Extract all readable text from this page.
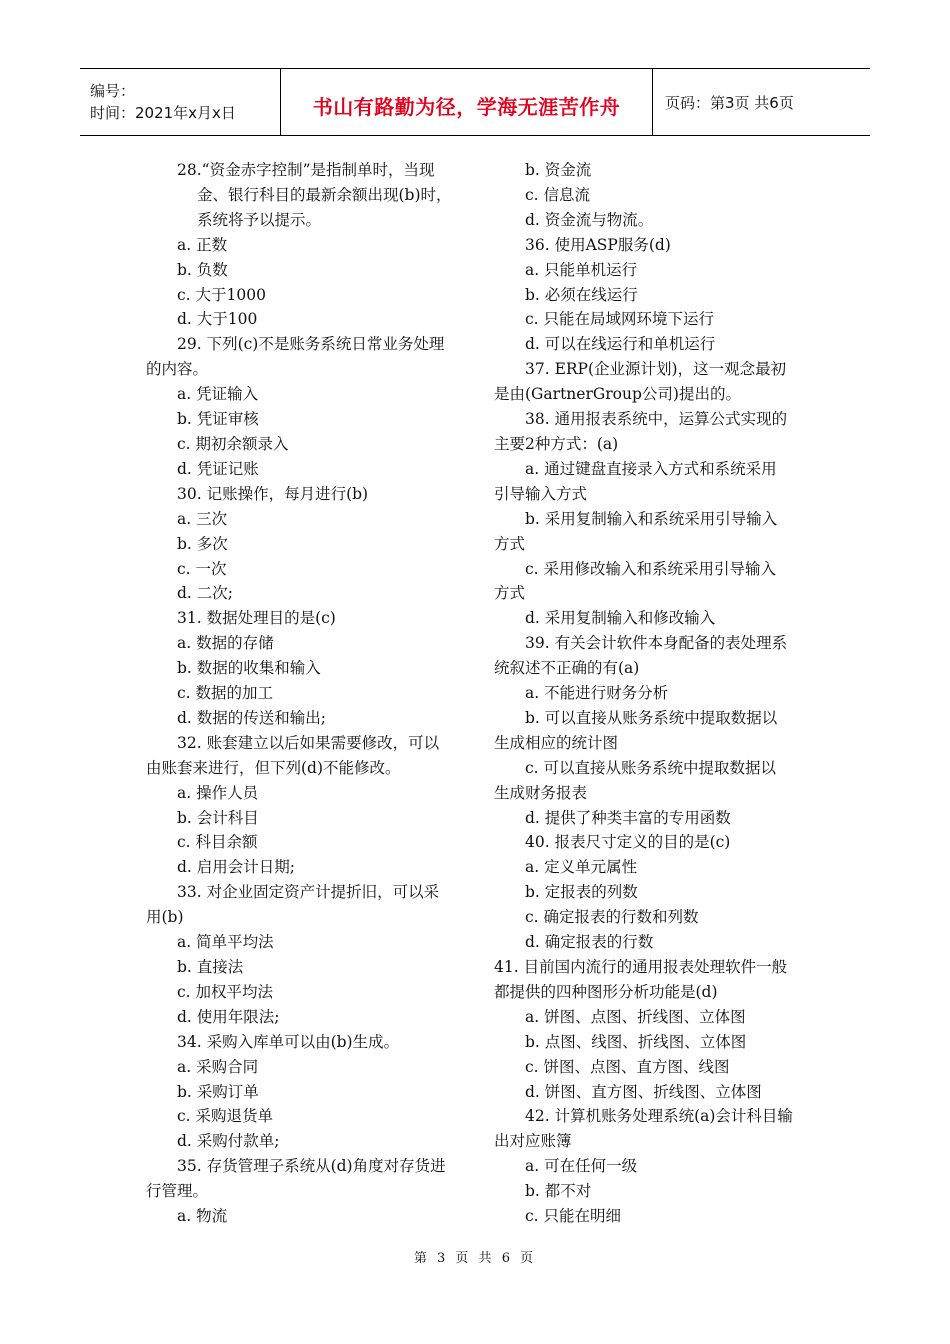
编号：
时间：2021年x月x日	书山有路勤为径，学海无涯苦作舟	页码：第3页 共6页

28.“资金赤字控制”是指制单时，当现金、银行科目的最新余额出现(b)时，系统将予以提示。

a. 正数

b. 负数

c. 大于1000

d. 大于100

29. 下列(c)不是账务系统日常业务处理

的内容。

a. 凭证输入

b. 凭证审核

c. 期初余额录入

d. 凭证记账

30. 记账操作，每月进行(b)

a. 三次

b. 多次

c. 一次

d. 二次;

31. 数据处理目的是(c)

a. 数据的存储

b. 数据的收集和输入

c. 数据的加工

d. 数据的传送和输出;

32. 账套建立以后如果需要修改，可以

由账套来进行，但下列(d)不能修改。

a. 操作人员

b. 会计科目

c. 科目余额

d. 启用会计日期;

33. 对企业固定资产计提折旧，可以采

用(b)

a. 简单平均法

b. 直接法

c. 加权平均法

d. 使用年限法;

34. 采购入库单可以由(b)生成。

a. 采购合同

b. 采购订单

c. 采购退货单

d. 采购付款单;

35. 存货管理子系统从(d)角度对存货进

行管理。

a. 物流

b. 资金流

c. 信息流

d. 资金流与物流。

36. 使用ASP服务(d)

a. 只能单机运行

b. 必须在线运行

c. 只能在局域网环境下运行

d. 可以在线运行和单机运行

37. ERP(企业源计划)，这一观念最初

是由(GartnerGroup公司)提出的。

38. 通用报表系统中，运算公式实现的

主要2种方式：(a)

a. 通过键盘直接录入方式和系统采用

引导输入方式

b. 采用复制输入和系统采用引导输入

方式

c. 采用修改输入和系统采用引导输入

方式

d. 采用复制输入和修改输入

39. 有关会计软件本身配备的表处理系

统叙述不正确的有(a)

a. 不能进行财务分析

b. 可以直接从账务系统中提取数据以

生成相应的统计图

c. 可以直接从账务系统中提取数据以

生成财务报表

d. 提供了种类丰富的专用函数

40. 报表尺寸定义的目的是(c)

a. 定义单元属性

b. 定报表的列数

c. 确定报表的行数和列数

d. 确定报表的行数

41. 目前国内流行的通用报表处理软件一般

都提供的四种图形分析功能是(d)

a. 饼图、点图、折线图、立体图

b. 点图、线图、折线图、立体图

c. 饼图、点图、直方图、线图

d. 饼图、直方图、折线图、立体图

42. 计算机账务处理系统(a)会计科目输

出对应账簿

a. 可在任何一级

b. 都不对

c. 只能在明细

第 3 页 共 6 页
